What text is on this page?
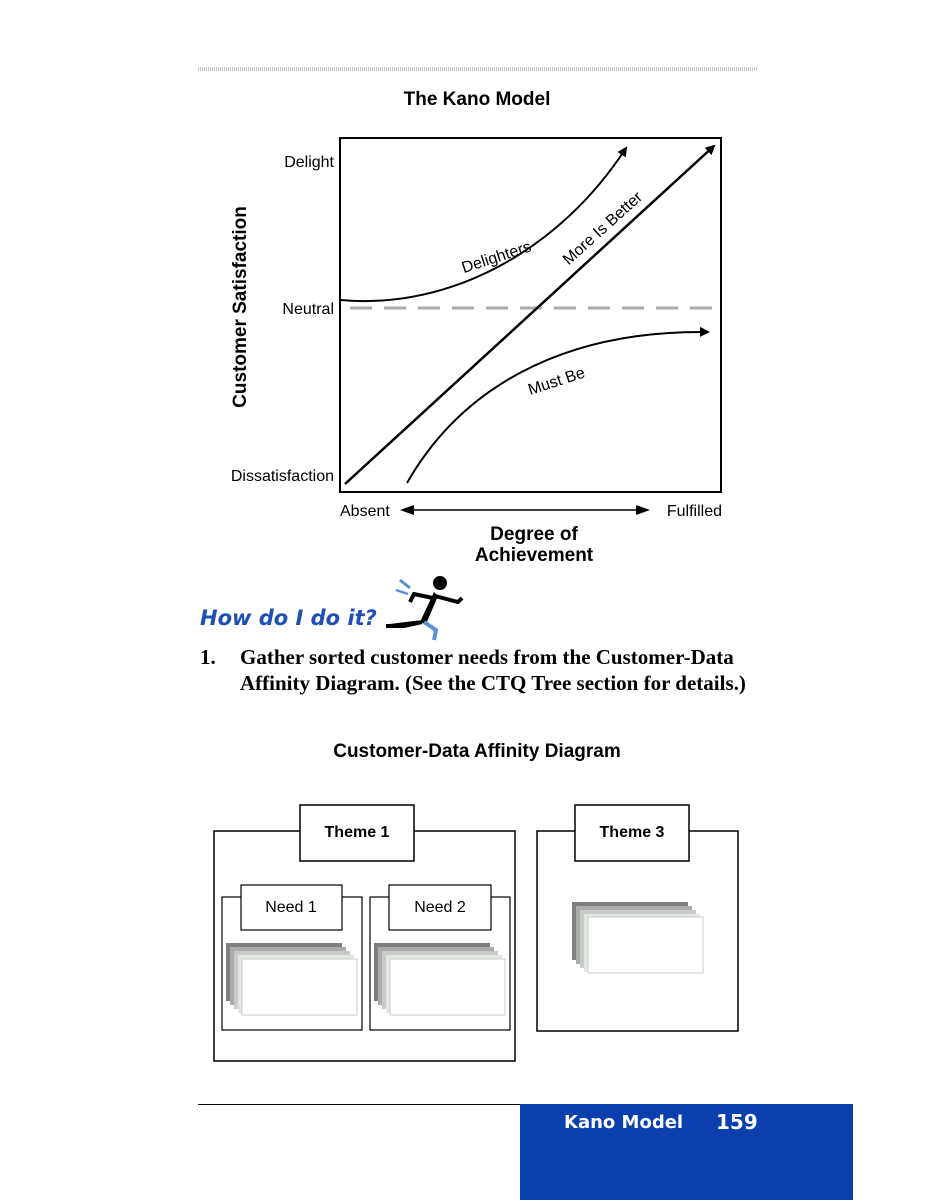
The Kano Model
Delight
Neutral
Dissatisfaction
Customer Satisfaction	Delighters More Is Better
Must Be
Absent	Fulfilled
Degree of
Achievement
How do I do it?
1. Gather sorted customer needs from the Customer-Data Affinity Diagram. (See the CTQ Tree section for details.)
Customer-Data Affinity Diagram
Theme 1
Need 1	Need 2
Theme 3
Kano Model 159
